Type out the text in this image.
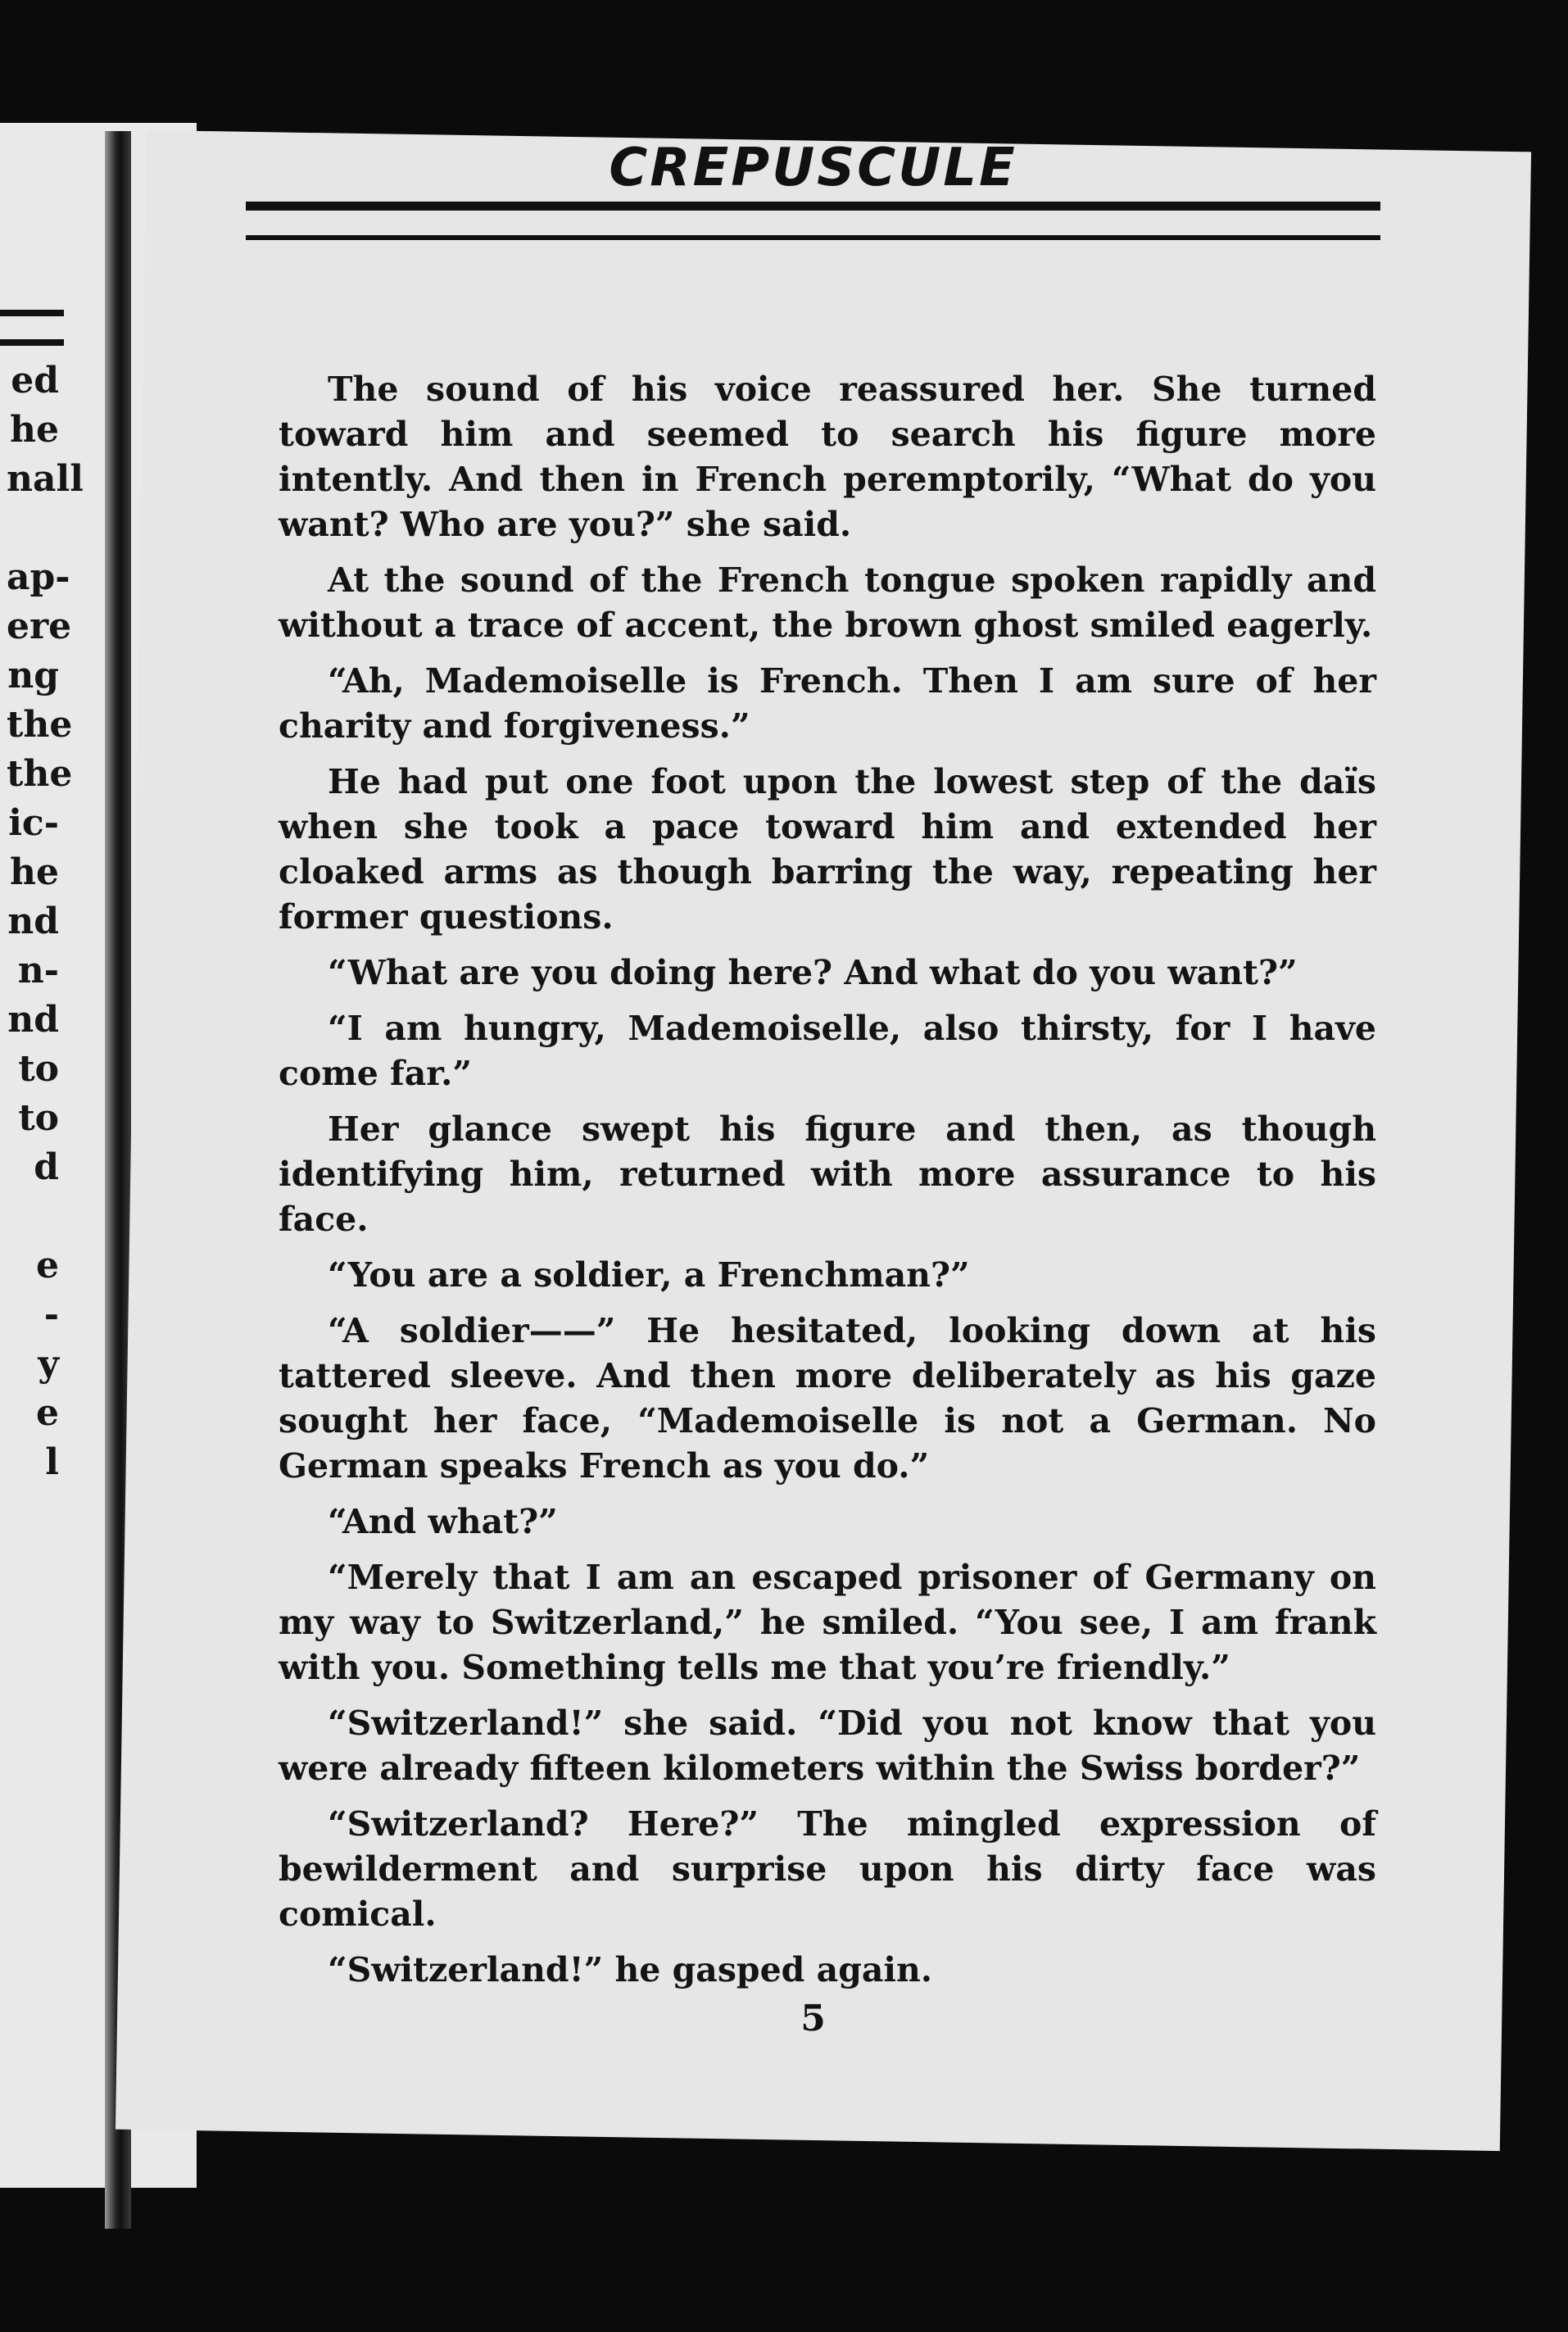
ed
he
nall
ap-
ere
ng
the
the
ic-
he
nd
n-
nd
to
to
d
e
-
y
e
l
CREPUSCULE

The sound of his voice reassured her. She turned toward him and seemed to search his figure more intently. And then in French peremptorily, “What do you want? Who are you?” she said.

At the sound of the French tongue spoken rapidly and without a trace of accent, the brown ghost smiled eagerly.

“Ah, Mademoiselle is French. Then I am sure of her charity and forgiveness.”

He had put one foot upon the lowest step of the daïs when she took a pace toward him and extended her cloaked arms as though barring the way, repeating her former questions.

“What are you doing here? And what do you want?”

“I am hungry, Mademoiselle, also thirsty, for I have come far.”

Her glance swept his figure and then, as though identifying him, returned with more assurance to his face.

“You are a soldier, a Frenchman?”

“A soldier——” He hesitated, looking down at his tattered sleeve. And then more deliberately as his gaze sought her face, “Mademoiselle is not a German. No German speaks French as you do.”

“And what?”

“Merely that I am an escaped prisoner of Germany on my way to Switzerland,” he smiled. “You see, I am frank with you. Something tells me that you’re friendly.”

“Switzerland!” she said. “Did you not know that you were already fifteen kilometers within the Swiss border?”

“Switzerland? Here?” The mingled expression of bewilderment and surprise upon his dirty face was comical.

“Switzerland!” he gasped again.

5
